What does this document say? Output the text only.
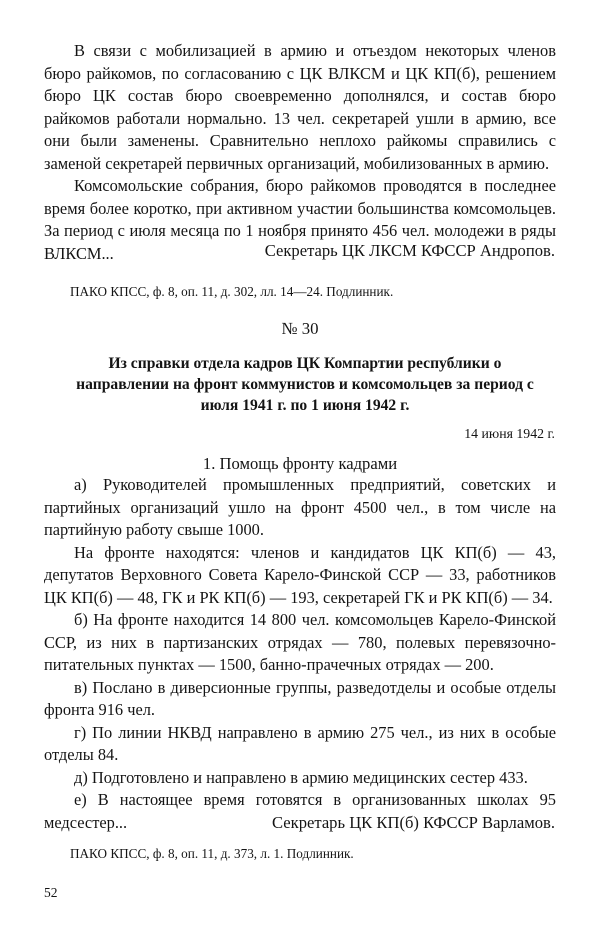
В связи с мобилизацией в армию и отъездом некоторых членов бюро райкомов, по согласованию с ЦК ВЛКСМ и ЦК КП(б), решением бюро ЦК состав бюро своевременно дополнялся, и состав бюро райкомов работали нормально. 13 чел. секретарей ушли в армию, все они были заменены. Сравнительно неплохо райкомы справились с заменой секретарей первичных организаций, мобилизованных в армию.

Комсомольские собрания, бюро райкомов проводятся в последнее время более коротко, при активном участии большинства комсомольцев. За период с июля месяца по 1 ноября принято 456 чел. молодежи в ряды ВЛКСМ...	Секретарь ЦК ЛКСМ КФССР Андропов.

ПАКО КПСС, ф. 8, оп. 11, д. 302, лл. 14—24. Подлинник.

№ 30

Из справки отдела кадров ЦК Компартии республики о направлении на фронт коммунистов и комсомольцев за период с июля 1941 г. по 1 июня 1942 г.

14 июня 1942 г.

1. Помощь фронту кадрами

а) Руководителей промышленных предприятий, советских и партийных организаций ушло на фронт 4500 чел., в том числе на партийную работу свыше 1000.

На фронте находятся: членов и кандидатов ЦК КП(б) — 43, депутатов Верховного Совета Карело-Финской ССР — 33, работников ЦК КП(б) — 48, ГК и РК КП(б) — 193, секретарей ГК и РК КП(б) — 34.

б) На фронте находится 14 800 чел. комсомольцев Карело-Финской ССР, из них в партизанских отрядах — 780, полевых перевязочно-питательных пунктах — 1500, банно-прачечных отрядах — 200.

в) Послано в диверсионные группы, разведотделы и особые отделы фронта 916 чел.

г) По линии НКВД направлено в армию 275 чел., из них в особые отделы 84.

д) Подготовлено и направлено в армию медицинских сестер 433.

е) В настоящее время готовятся в организованных школах 95 медсестер...	Секретарь ЦК КП(б) КФССР Варламов.

ПАКО КПСС, ф. 8, оп. 11, д. 373, л. 1. Подлинник.

52
